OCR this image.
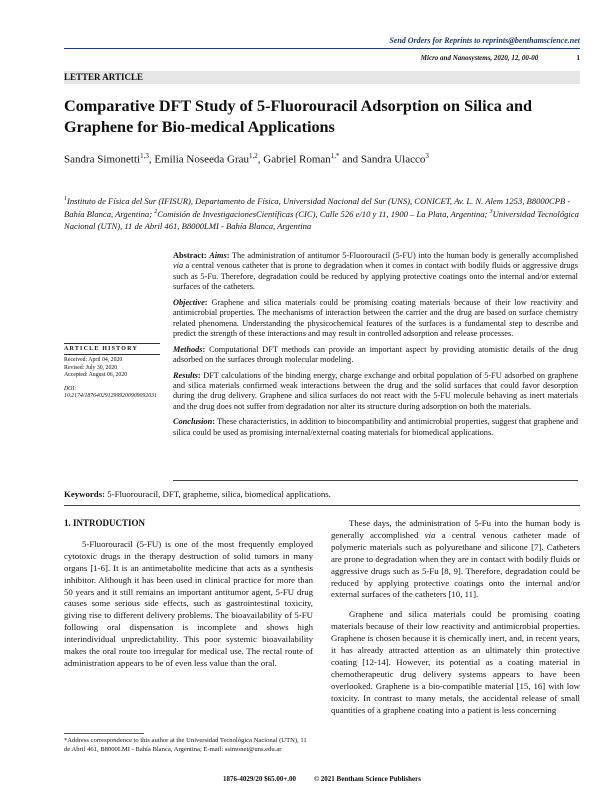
Send Orders for Reprints to reprints@benthamscience.net
Micro and Nanosystems, 2020, 12, 00-00	1
LETTER ARTICLE
Comparative DFT Study of 5-Fluorouracil Adsorption on Silica and Graphene for Bio-medical Applications
Sandra Simonetti$^{1,3}$, Emilia Noseeda Grau$^{1,2}$, Gabriel Roman$^{1,*}$ and Sandra Ulacco$^3$
$^1$Instituto de Física del Sur (IFISUR), Departamento de Física, Universidad Nacional del Sur (UNS), CONICET, Av. L. N. Alem 1253, B8000CPB - Bahía Blanca, Argentina; $^2$Comisión de InvestigacionesCientíficas (CIC), Calle 526 e/10 y 11, 1900 – La Plata, Argentina; $^3$Universidad Tecnológica Nacional (UTN), 11 de Abril 461, B8000LMI - Bahía Blanca, Argentina
ARTICLE HISTORY
Received: April 04, 2020
Revised: July 30, 2020
Accepted: August 06, 2020
DOI:
10.2174/1876402912999200909092031

Abstract: Aims: The administration of antitumor 5-Fluorouracil (5-FU) into the human body is generally accomplished via a central venous catheter that is prone to degradation when it comes in contact with bodily fluids or aggressive drugs such as 5-Fu. Therefore, degradation could be reduced by applying protective coatings onto the internal and/or external surfaces of the catheters.

Objective: Graphene and silica materials could be promising coating materials because of their low reactivity and antimicrobial properties. The mechanisms of interaction between the carrier and the drug are based on surface chemistry related phenomena. Understanding the physicochemical features of the surfaces is a fundamental step to describe and predict the strength of these interactions and may result in controlled adsorption and release processes.

Methods: Computational DFT methods can provide an important aspect by providing atomistic details of the drug adsorbed on the surfaces through molecular modeling.

Results: DFT calculations of the binding energy, charge exchange and orbital population of 5-FU adsorbed on graphene and silica materials confirmed weak interactions between the drug and the solid surfaces that could favor desorption during the drug delivery. Graphene and silica surfaces do not react with the 5-FU molecule behaving as inert materials and the drug does not suffer from degradation nor alter its structure during adsorption on both the materials.

Conclusion: These characteristics, in addition to biocompatibility and antimicrobial properties, suggest that graphene and silica could be used as promising internal/external coating materials for biomedical applications.

Keywords: 5-Fluorouracil, DFT, grapheme, silica, biomedical applications.
1. INTRODUCTION

5-Fluorouracil (5-FU) is one of the most frequently employed cytotoxic drugs in the therapy destruction of solid tumors in many organs [1-6]. It is an antimetabolite medicine that acts as a synthesis inhibitor. Although it has been used in clinical practice for more than 50 years and it still remains an important antitumor agent, 5-FU drug causes some serious side effects, such as gastrointestinal toxicity, giving rise to different delivery problems. The bioavailability of 5-FU following oral dispensation is incomplete and shows high interindividual unpredictability. This poor systemic bioavailability makes the oral route too irregular for medical use. The rectal route of administration appears to be of even less value than the oral.

These days, the administration of 5-Fu into the human body is generally accomplished via a central venous catheter made of polymeric materials such as polyurethane and silicone [7]. Catheters are prone to degradation when they are in contact with bodily fluids or aggressive drugs such as 5-Fu [8, 9]. Therefore, degradation could be reduced by applying protective coatings onto the internal and/or external surfaces of the catheters [10, 11].

Graphene and silica materials could be promising coating materials because of their low reactivity and antimicrobial properties. Graphene is chosen because it is chemically inert, and, in recent years, it has already attracted attention as an ultimately thin protective coating [12-14]. However, its potential as a coating material in chemotherapeutic drug delivery systems appears to have been overlooked. Graphene is a bio-compatible material [15, 16] with low toxicity. In contrast to many metals, the accidental release of small quantities of a graphene coating into a patient is less concerning

*Address correspondence to this author at the Universidad Tecnológica Nacional (UTN), 11 de Abril 461, B8000LMI - Bahía Blanca, Argentina; E-mail: ssimonet@uns.edu.ar
1876-4029/20 $65.00+.00	© 2021 Bentham Science Publishers
